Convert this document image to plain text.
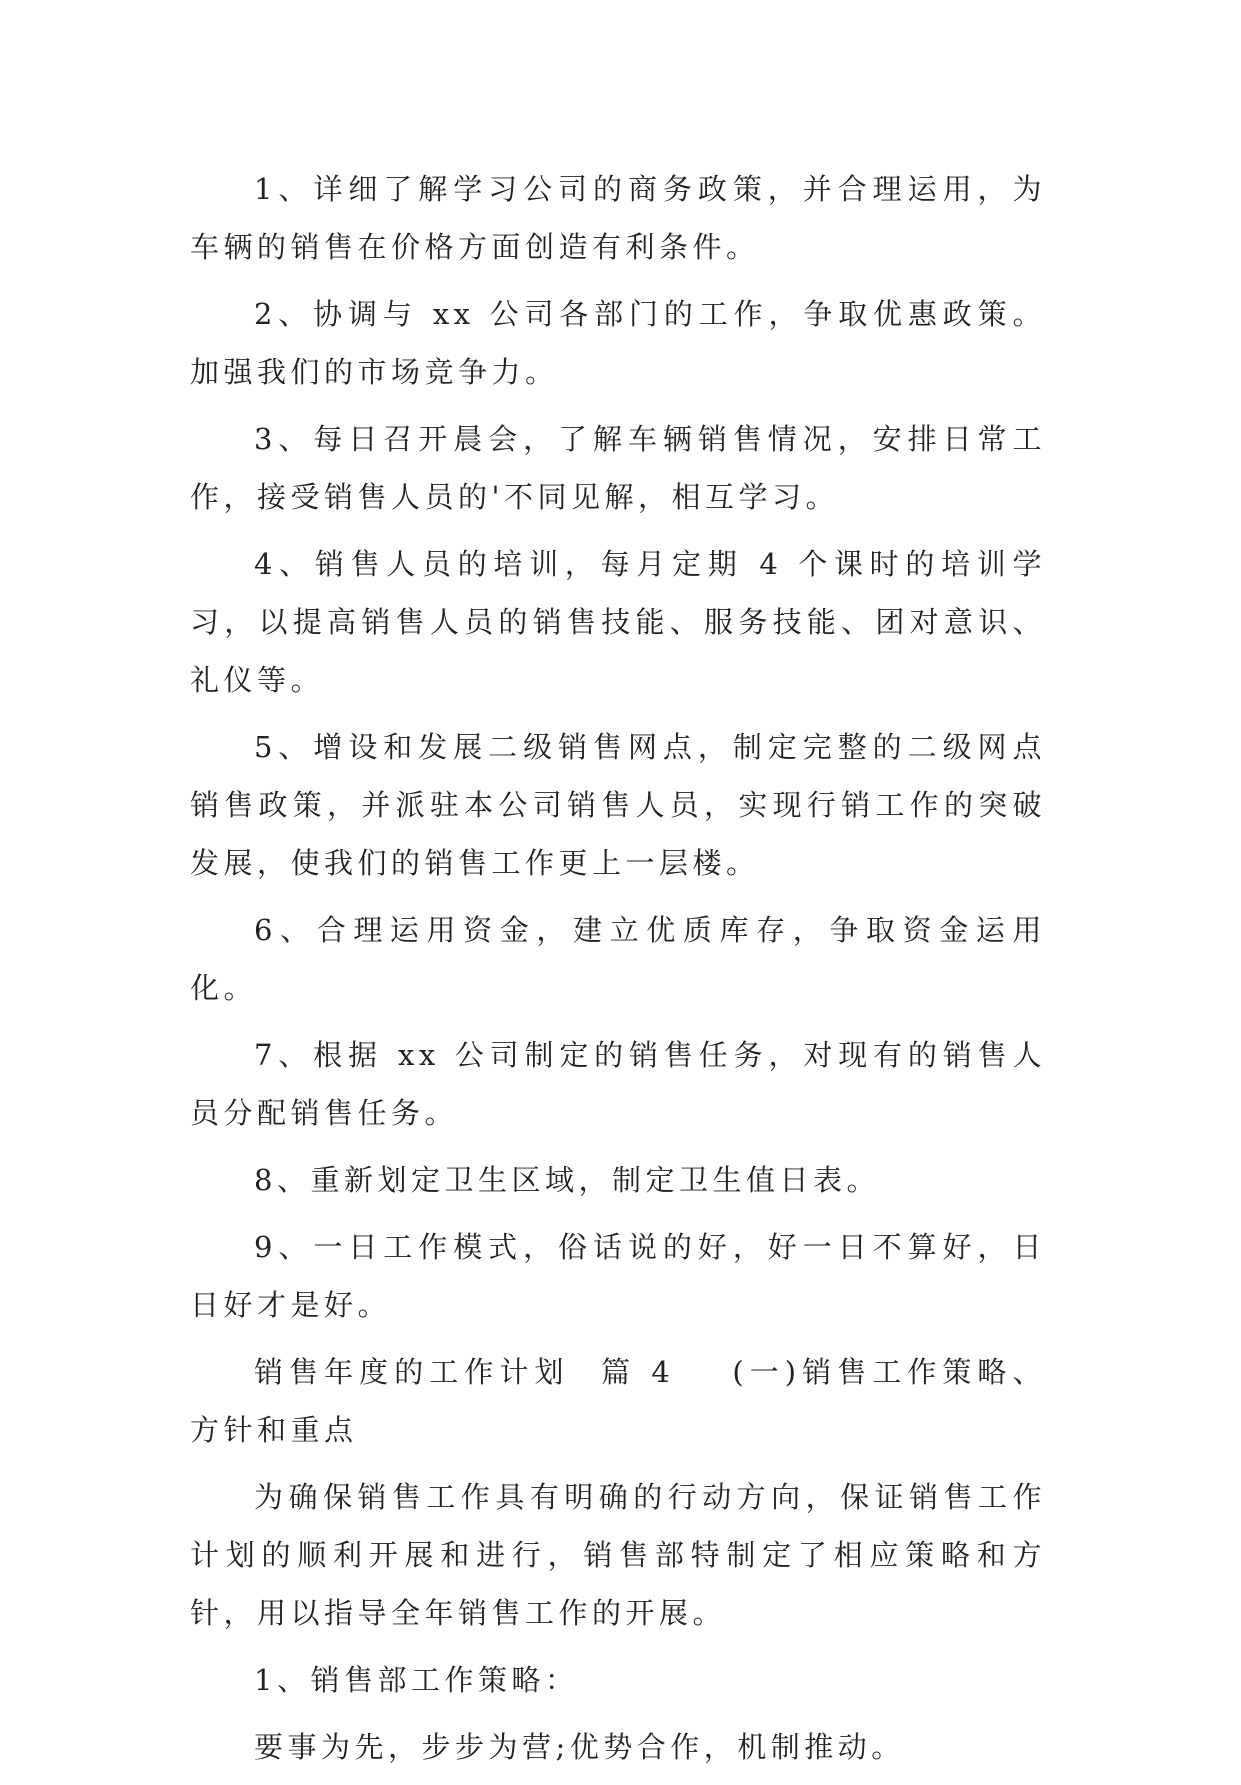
1、详细了解学习公司的商务政策，并合理运用，为车辆的销售在价格方面创造有利条件。

2、协调与 xx 公司各部门的工作，争取优惠政策。加强我们的市场竞争力。

3、每日召开晨会，了解车辆销售情况，安排日常工作，接受销售人员的'不同见解，相互学习。

4、销售人员的培训，每月定期 4 个课时的培训学习，以提高销售人员的销售技能、服务技能、团对意识、礼仪等。

5、增设和发展二级销售网点，制定完整的二级网点销售政策，并派驻本公司销售人员，实现行销工作的突破发展，使我们的销售工作更上一层楼。

6、合理运用资金，建立优质库存，争取资金运用化。

7、根据 xx 公司制定的销售任务，对现有的销售人员分配销售任务。

8、重新划定卫生区域，制定卫生值日表。

9、一日工作模式，俗话说的好，好一日不算好，日日好才是好。

销售年度的工作计划 篇 4 (一)销售工作策略、方针和重点

为确保销售工作具有明确的行动方向，保证销售工作计划的顺利开展和进行，销售部特制定了相应策略和方针，用以指导全年销售工作的开展。

1、销售部工作策略：

要事为先，步步为营;优势合作，机制推动。
